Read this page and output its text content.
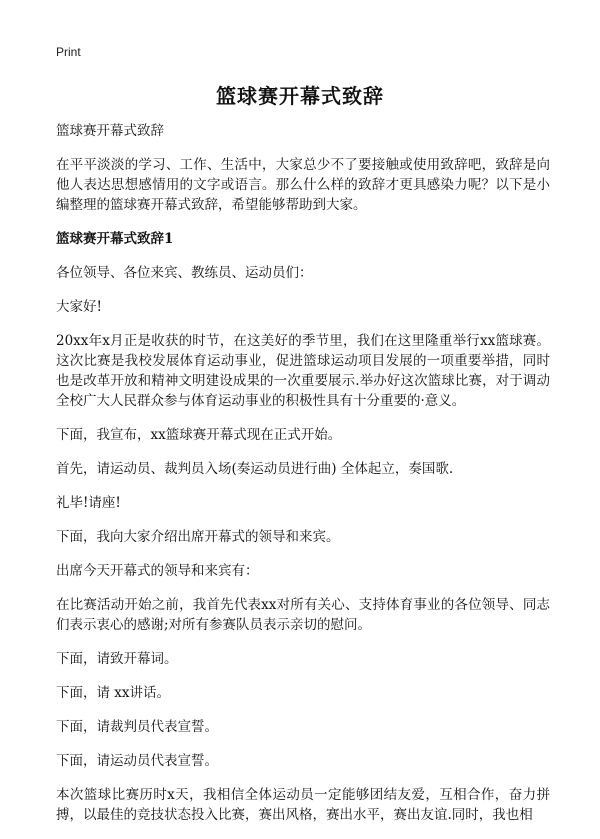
Print
篮球赛开幕式致辞
篮球赛开幕式致辞
在平平淡淡的学习、工作、生活中，大家总少不了要接触或使用致辞吧，致辞是向他人表达思想感情用的文字或语言。那么什么样的致辞才更具感染力呢？以下是小编整理的篮球赛开幕式致辞，希望能够帮助到大家。
篮球赛开幕式致辞1
各位领导、各位来宾、教练员、运动员们：
大家好!
20xx年x月正是收获的时节，在这美好的季节里，我们在这里隆重举行xx篮球赛。这次比赛是我校发展体育运动事业，促进篮球运动项目发展的一项重要举措，同时也是改革开放和精神文明建设成果的一次重要展示.举办好这次篮球比赛，对于调动全校广大人民群众参与体育运动事业的积极性具有十分重要的·意义。
下面，我宣布，xx篮球赛开幕式现在正式开始。
首先，请运动员、裁判员入场(奏运动员进行曲) 全体起立，奏国歌.
礼毕!请座!
下面，我向大家介绍出席开幕式的领导和来宾。
出席今天开幕式的领导和来宾有：
在比赛活动开始之前，我首先代表xx对所有关心、支持体育事业的各位领导、同志们表示衷心的感谢;对所有参赛队员表示亲切的慰问。
下面，请致开幕词。
下面，请 xx讲话。
下面，请裁判员代表宣誓。
下面，请运动员代表宣誓。
本次篮球比赛历时x天，我相信全体运动员一定能够团结友爱，互相合作，奋力拼搏，以最佳的竞技状态投入比赛，赛出风格，赛出水平，赛出友谊.同时，我也相
